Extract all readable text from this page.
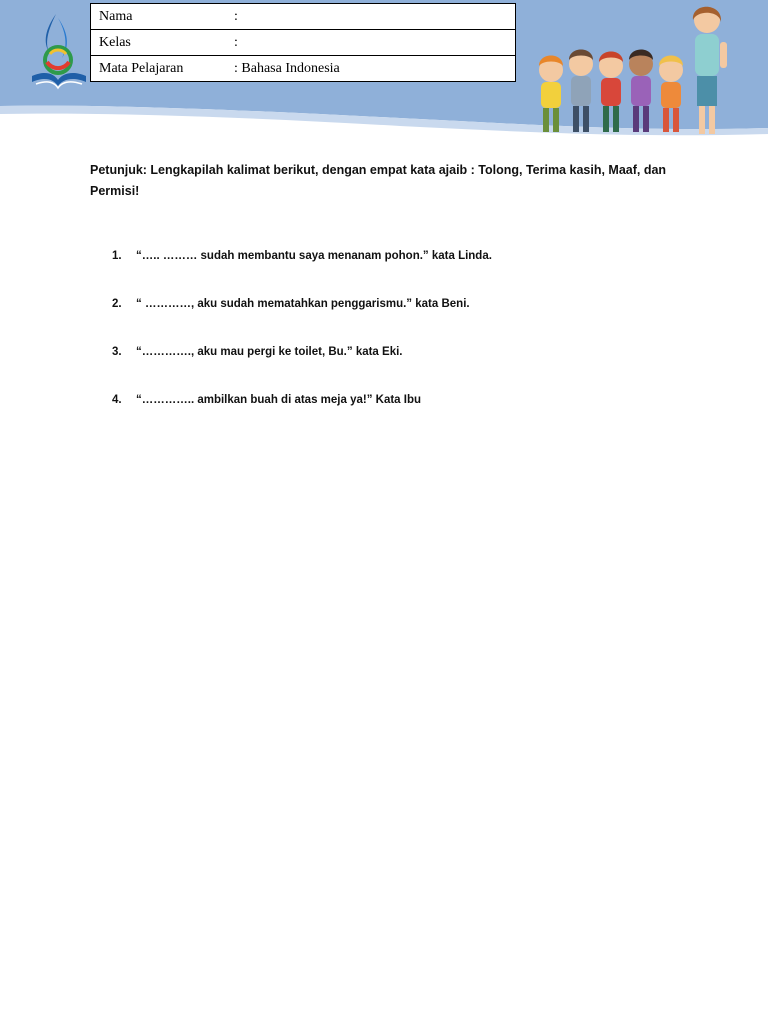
Nama	:
Kelas	:
Mata Pelajaran	: Bahasa Indonesia
Petunjuk: Lengkapilah kalimat berikut, dengan empat kata ajaib : Tolong, Terima kasih, Maaf, dan Permisi!
1. “….. ……… sudah membantu saya menanam pohon.” kata Linda.
2. “ …………, aku sudah mematahkan penggarismu.” kata Beni.
3. “…………., aku mau pergi ke toilet, Bu.” kata Eki.
4. “………….. ambilkan buah di atas meja ya!” Kata Ibu
